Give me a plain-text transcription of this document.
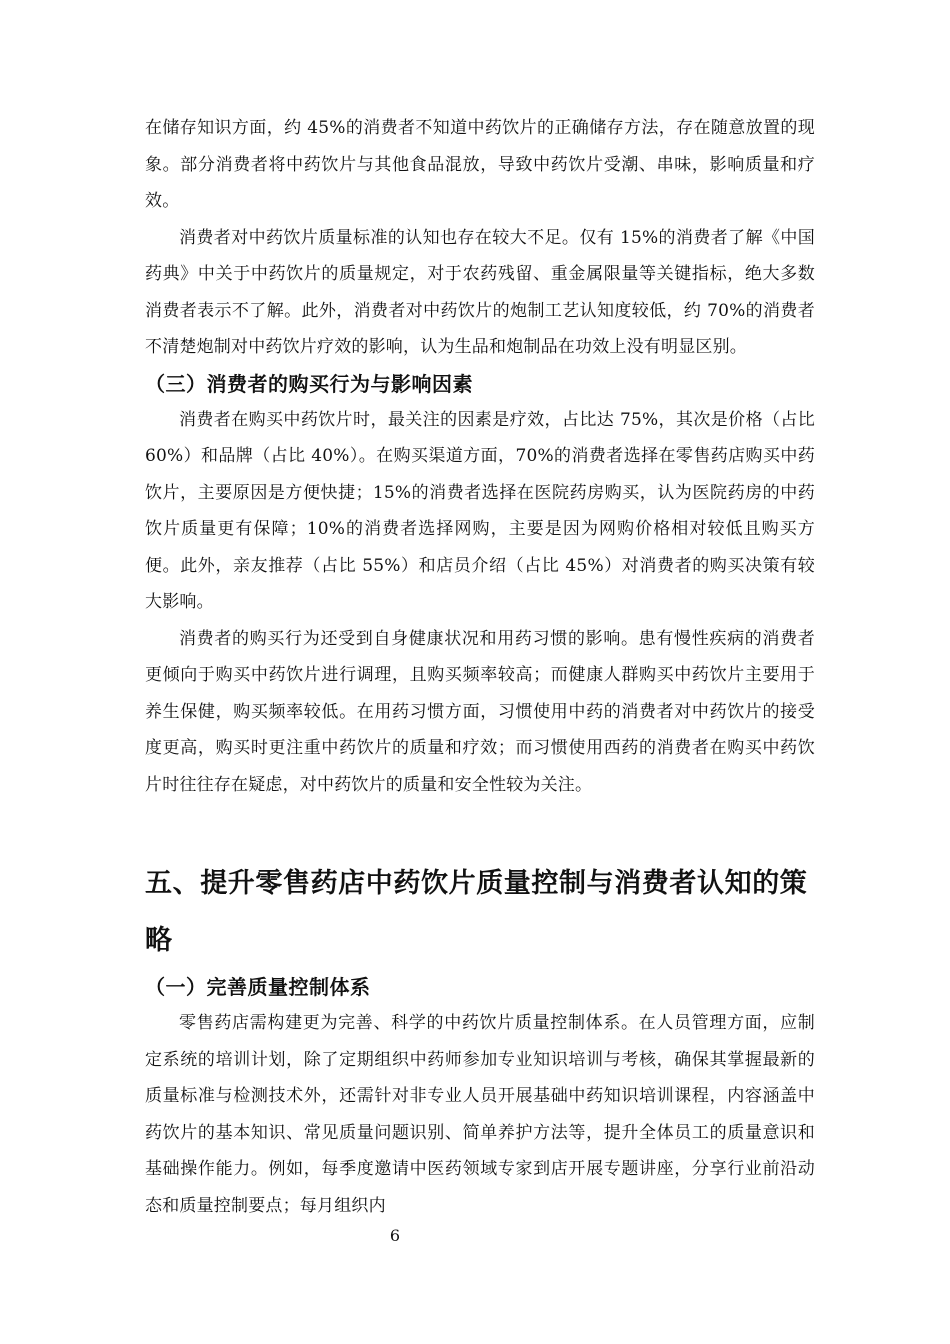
在储存知识方面，约 45%的消费者不知道中药饮片的正确储存方法，存在随意放置的现象。部分消费者将中药饮片与其他食品混放，导致中药饮片受潮、串味，影响质量和疗效。

消费者对中药饮片质量标准的认知也存在较大不足。仅有 15%的消费者了解《中国药典》中关于中药饮片的质量规定，对于农药残留、重金属限量等关键指标，绝大多数消费者表示不了解。此外，消费者对中药饮片的炮制工艺认知度较低，约 70%的消费者不清楚炮制对中药饮片疗效的影响，认为生品和炮制品在功效上没有明显区别。

（三）消费者的购买行为与影响因素

消费者在购买中药饮片时，最关注的因素是疗效，占比达 75%，其次是价格（占比 60%）和品牌（占比 40%）。在购买渠道方面，70%的消费者选择在零售药店购买中药饮片，主要原因是方便快捷；15%的消费者选择在医院药房购买，认为医院药房的中药饮片质量更有保障；10%的消费者选择网购，主要是因为网购价格相对较低且购买方便。此外，亲友推荐（占比 55%）和店员介绍（占比 45%）对消费者的购买决策有较大影响。

消费者的购买行为还受到自身健康状况和用药习惯的影响。患有慢性疾病的消费者更倾向于购买中药饮片进行调理，且购买频率较高；而健康人群购买中药饮片主要用于养生保健，购买频率较低。在用药习惯方面，习惯使用中药的消费者对中药饮片的接受度更高，购买时更注重中药饮片的质量和疗效；而习惯使用西药的消费者在购买中药饮片时往往存在疑虑，对中药饮片的质量和安全性较为关注。

五、提升零售药店中药饮片质量控制与消费者认知的策略
（一）完善质量控制体系

零售药店需构建更为完善、科学的中药饮片质量控制体系。在人员管理方面，应制定系统的培训计划，除了定期组织中药师参加专业知识培训与考核，确保其掌握最新的质量标准与检测技术外，还需针对非专业人员开展基础中药知识培训课程，内容涵盖中药饮片的基本知识、常见质量问题识别、简单养护方法等，提升全体员工的质量意识和基础操作能力。例如，每季度邀请中医药领域专家到店开展专题讲座，分享行业前沿动态和质量控制要点；每月组织内

6
